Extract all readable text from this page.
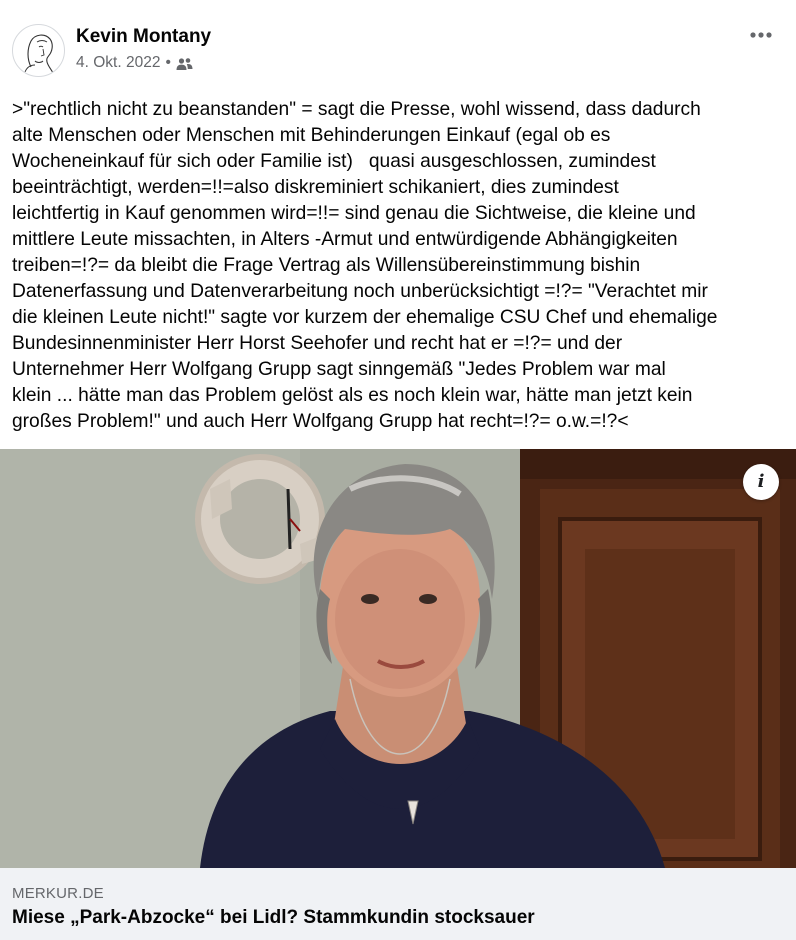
Kevin Montany
4. Okt. 2022 •

>"rechtlich nicht zu beanstanden" = sagt die Presse, wohl wissend, dass dadurch
alte Menschen oder Menschen mit Behinderungen Einkauf (egal ob es
Wocheneinkauf für sich oder Familie ist)   quasi ausgeschlossen, zumindest
beeinträchtigt, werden=!!=also diskreminiert schikaniert, dies zumindest
leichtfertig in Kauf genommen wird=!!= sind genau die Sichtweise, die kleine und
mittlere Leute missachten, in Alters -Armut und entwürdigende Abhängigkeiten
treiben=!?= da bleibt die Frage Vertrag als Willensübereinstimmung bishin
Datenerfassung und Datenverarbeitung noch unberücksichtigt =!?= "Verachtet mir
die kleinen Leute nicht!" sagte vor kurzem der ehemalige CSU Chef und ehemalige
Bundesinnenminister Herr Horst Seehofer und recht hat er =!?= und der
Unternehmer Herr Wolfgang Grupp sagt sinngemäß "Jedes Problem war mal
klein ... hätte man das Problem gelöst als es noch klein war, hätte man jetzt kein
großes Problem!" und auch Herr Wolfgang Grupp hat recht=!?= o.w.=!?<

i
MERKUR.DE
Miese „Park-Abzocke“ bei Lidl? Stammkundin stocksauer
